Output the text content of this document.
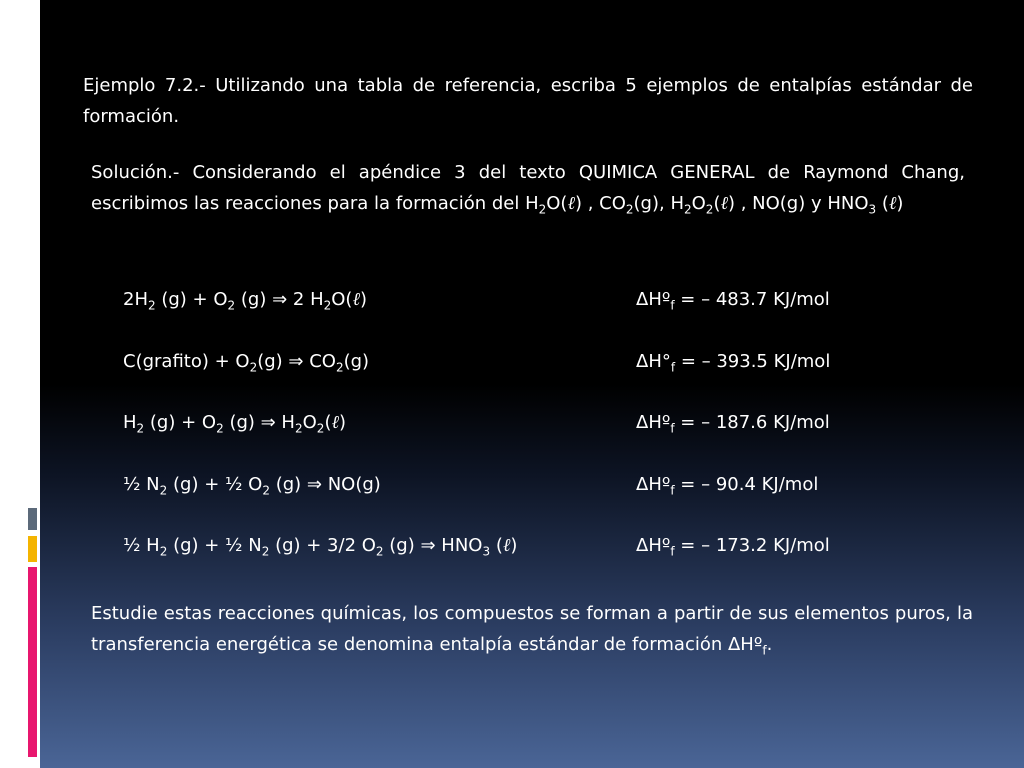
Ejemplo 7.2.- Utilizando una tabla de referencia, escriba 5 ejemplos de entalpías estándar de formación.

Solución.- Considerando el apéndice 3 del texto QUIMICA GENERAL de Raymond Chang, escribimos las reacciones para la formación del $H_2O(\ell)$ , $CO_2(g)$, $H_2O_2(\ell)$ , NO(g) y $HNO_3$ (ℓ)

$2H_2$ $(g) + O_2$ (g) ⇒ 2 $H_2O(\ell)$	ΔHº$_f$ = – 483.7 KJ/mol
C(grafito) + $O_2(g)$ ⇒ $CO_2(g)$	$\Delta H^\circ_f$ = – 393.5 KJ/mol
$H_2$ $(g) + O_2$ (g) ⇒ $H_2O_2(\ell)$	ΔHº$_f$ = – 187.6 KJ/mol
½ $N_2$ (g) + ½ $O_2$ (g) ⇒ NO(g)	ΔHº$_f$ = – 90.4 KJ/mol
½ $H_2$ (g) + ½ $N_2$ (g) + 3/2 $O_2$ (g) ⇒ $HNO_3$ (ℓ)	ΔHº$_f$ = – 173.2 KJ/mol

Estudie estas reacciones químicas, los compuestos se forman a partir de sus elementos puros, la transferencia energética se denomina entalpía estándar de formación ΔHº$_f$.
